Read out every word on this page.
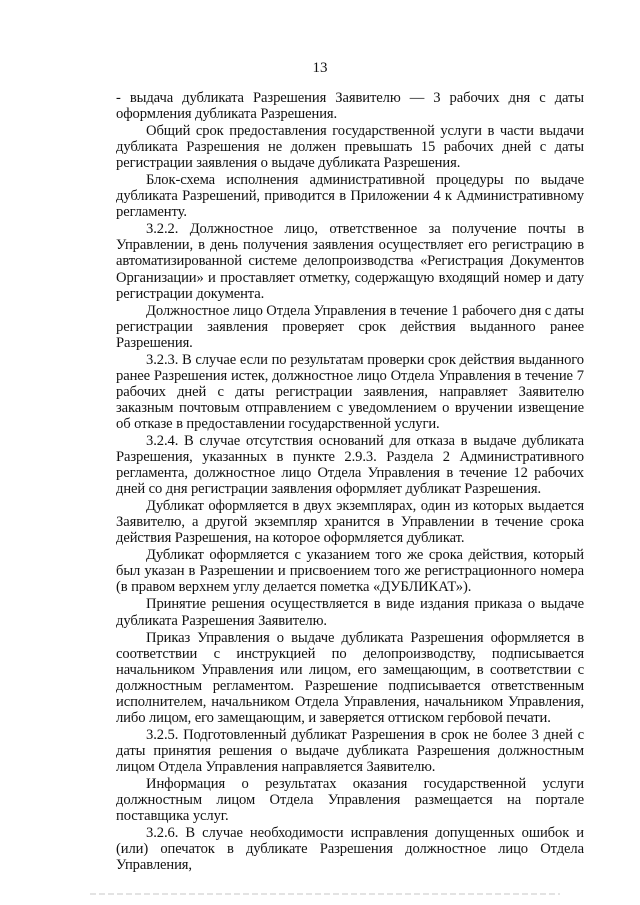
13

- выдача дубликата Разрешения Заявителю — 3 рабочих дня с даты оформления дубликата Разрешения.

Общий срок предоставления государственной услуги в части выдачи дубликата Разрешения не должен превышать 15 рабочих дней с даты регистрации заявления о выдаче дубликата Разрешения.

Блок-схема исполнения административной процедуры по выдаче дубликата Разрешений, приводится в Приложении 4 к Административному регламенту.

3.2.2. Должностное лицо, ответственное за получение почты в Управлении, в день получения заявления осуществляет его регистрацию в автоматизированной системе делопроизводства «Регистрация Документов Организации» и проставляет отметку, содержащую входящий номер и дату регистрации документа.

Должностное лицо Отдела Управления в течение 1 рабочего дня с даты регистрации заявления проверяет срок действия выданного ранее Разрешения.

3.2.3. В случае если по результатам проверки срок действия выданного ранее Разрешения истек, должностное лицо Отдела Управления в течение 7 рабочих дней с даты регистрации заявления, направляет Заявителю заказным почтовым отправлением с уведомлением о вручении извещение об отказе в предоставлении государственной услуги.

3.2.4. В случае отсутствия оснований для отказа в выдаче дубликата Разрешения, указанных в пункте 2.9.3. Раздела 2 Административного регламента, должностное лицо Отдела Управления в течение 12 рабочих дней со дня регистрации заявления оформляет дубликат Разрешения.

Дубликат оформляется в двух экземплярах, один из которых выдается Заявителю, а другой экземпляр хранится в Управлении в течение срока действия Разрешения, на которое оформляется дубликат.

Дубликат оформляется с указанием того же срока действия, который был указан в Разрешении и присвоением того же регистрационного номера (в правом верхнем углу делается пометка «ДУБЛИКАТ»).

Принятие решения осуществляется в виде издания приказа о выдаче дубликата Разрешения Заявителю.

Приказ Управления о выдаче дубликата Разрешения оформляется в соответствии с инструкцией по делопроизводству, подписывается начальником Управления или лицом, его замещающим, в соответствии с должностным регламентом. Разрешение подписывается ответственным исполнителем, начальником Отдела Управления, начальником Управления, либо лицом, его замещающим, и заверяется оттиском гербовой печати.

3.2.5. Подготовленный дубликат Разрешения в срок не более 3 дней с даты принятия решения о выдаче дубликата Разрешения должностным лицом Отдела Управления направляется Заявителю.

Информация о результатах оказания государственной услуги должностным лицом Отдела Управления размещается на портале поставщика услуг.

3.2.6. В случае необходимости исправления допущенных ошибок и (или) опечаток в дубликате Разрешения должностное лицо Отдела Управления,
